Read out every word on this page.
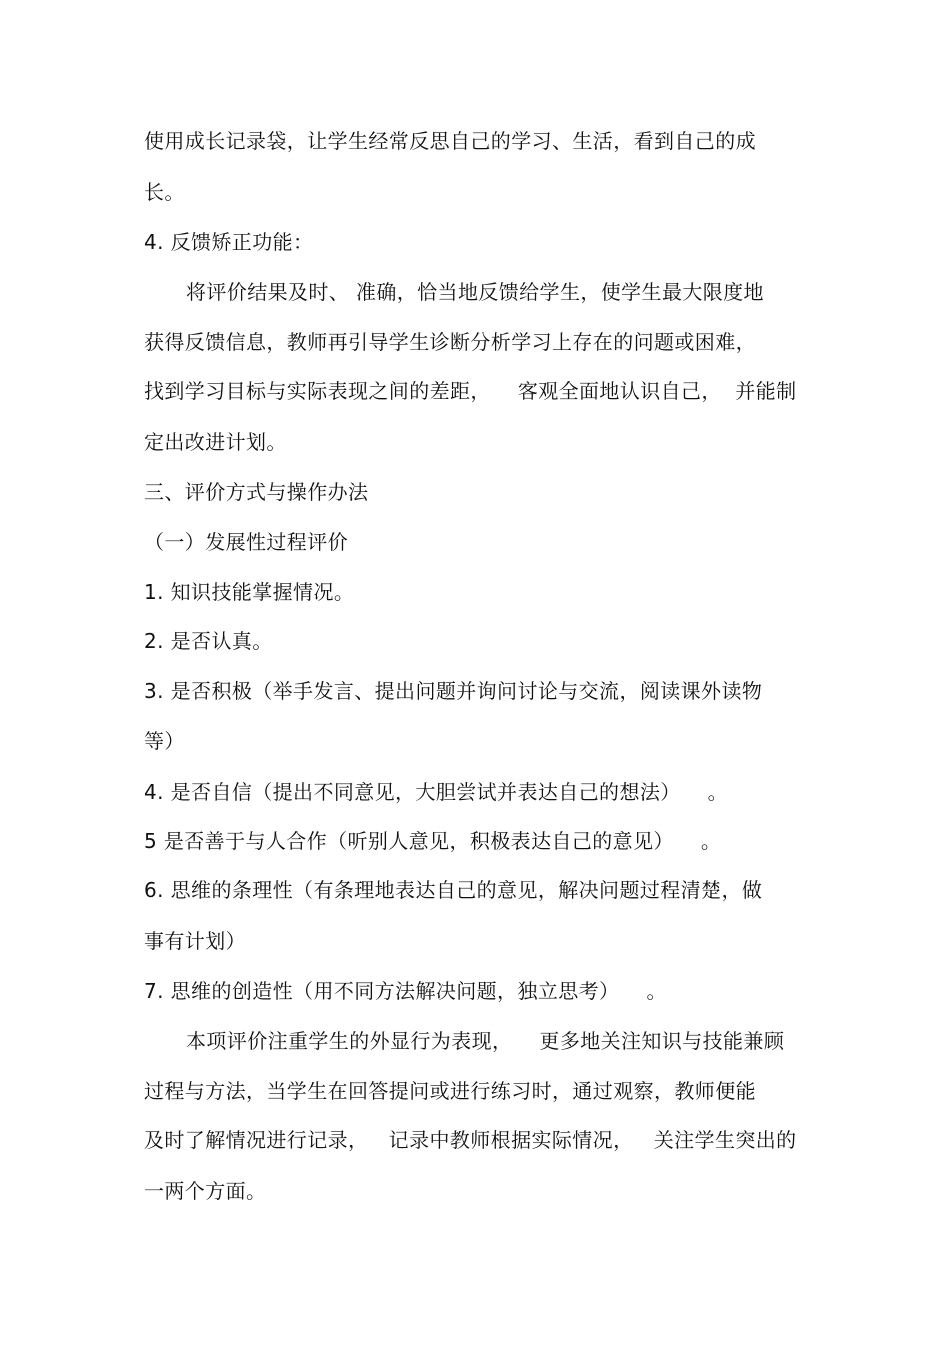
使用成长记录袋，让学生经常反思自己的学习、生活，看到自己的成
长。
4. 反馈矫正功能：
将评价结果及时、 准确，恰当地反馈给学生，使学生最大限度地
获得反馈信息，教师再引导学生诊断分析学习上存在的问题或困难，
找到学习目标与实际表现之间的差距，    客观全面地认识自己，  并能制
定出改进计划。
三、评价方式与操作办法
（一）发展性过程评价
1. 知识技能掌握情况。
2. 是否认真。
3. 是否积极（举手发言、提出问题并询问讨论与交流，阅读课外读物
等）
4. 是否自信（提出不同意见，大胆尝试并表达自己的想法）    。
5 是否善于与人合作（听别人意见，积极表达自己的意见）    。
6. 思维的条理性（有条理地表达自己的意见，解决问题过程清楚，做
事有计划）
7. 思维的创造性（用不同方法解决问题，独立思考）    。
本项评价注重学生的外显行为表现，    更多地关注知识与技能兼顾
过程与方法，当学生在回答提问或进行练习时，通过观察，教师便能
及时了解情况进行记录，   记录中教师根据实际情况，   关注学生突出的
一两个方面。
